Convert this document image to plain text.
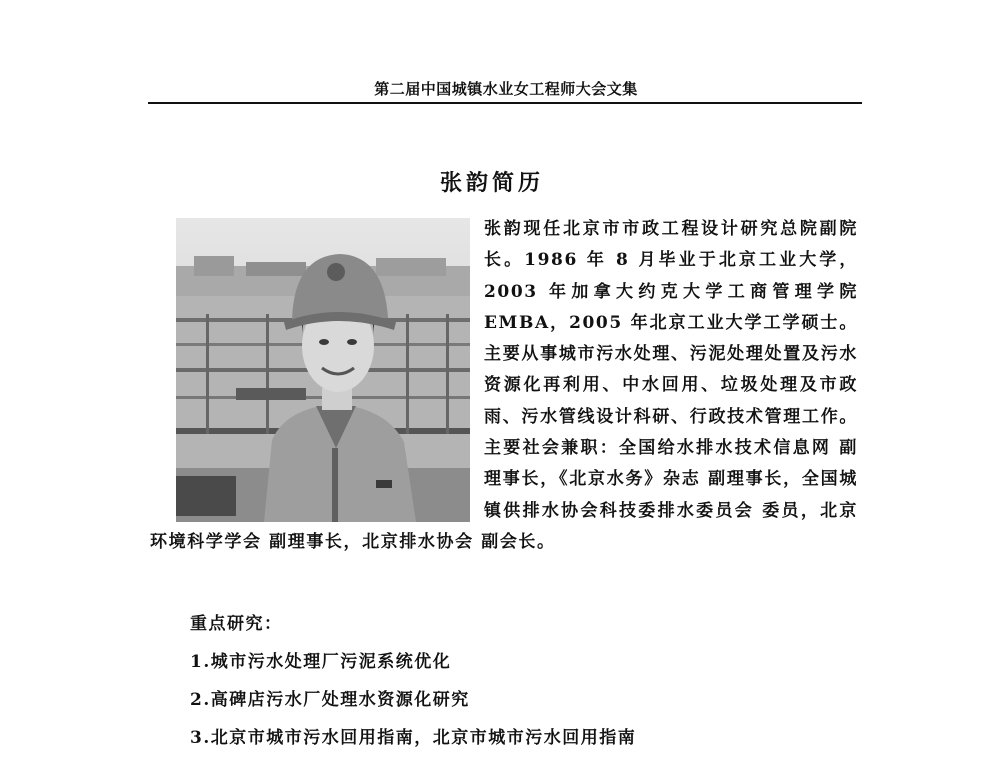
第二届中国城镇水业女工程师大会文集
张韵简历

张韵现任北京市市政工程设计研究总院副院长。1986 年 8 月毕业于北京工业大学，2003 年加拿大约克大学工商管理学院EMBA，2005 年北京工业大学工学硕士。主要从事城市污水处理、污泥处理处置及污水资源化再利用、中水回用、垃圾处理及市政雨、污水管线设计科研、行政技术管理工作。主要社会兼职：全国给水排水技术信息网 副理事长，《北京水务》杂志 副理事长，全国城镇供排水协会科技委排水委员会 委员，北京环境科学学会 副理事长，北京排水协会 副会长。

重点研究：
1.城市污水处理厂污泥系统优化
2.高碑店污水厂处理水资源化研究
3.北京市城市污水回用指南，北京市城市污水回用指南
